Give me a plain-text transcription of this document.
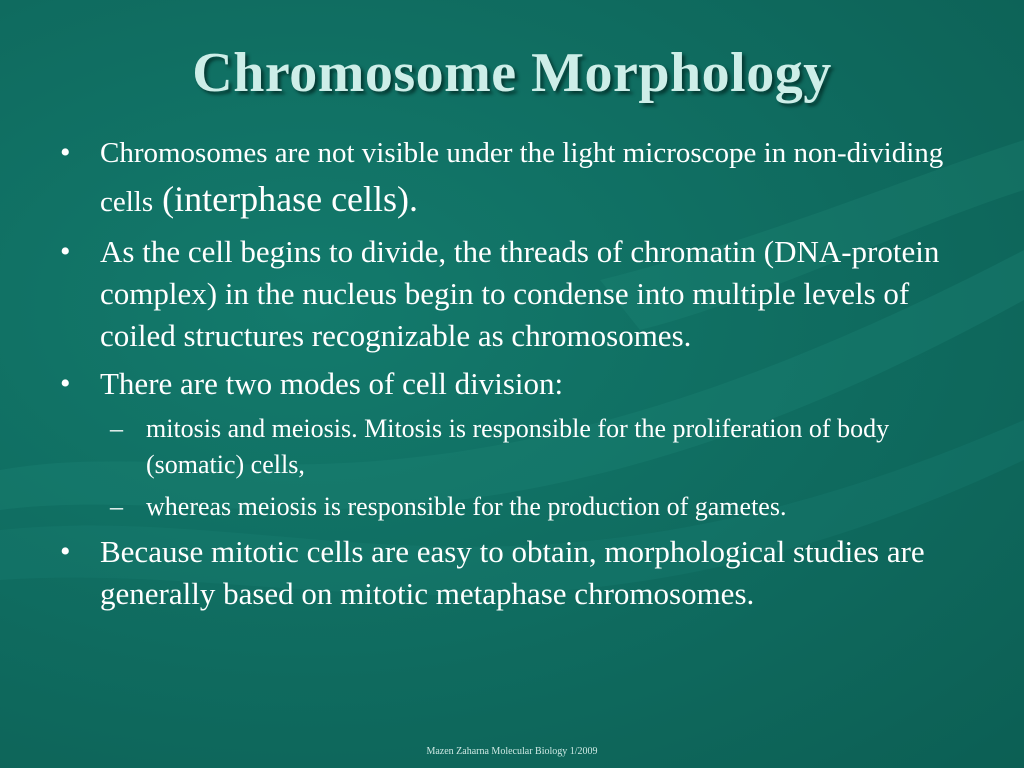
Chromosome Morphology
• Chromosomes are not visible under the light microscope in non-dividing cells (interphase cells).
• As the cell begins to divide, the threads of chromatin (DNA-protein complex) in the nucleus begin to condense into multiple levels of coiled structures recognizable as chromosomes.
• There are two modes of cell division:
– mitosis and meiosis. Mitosis is responsible for the proliferation of body (somatic) cells,
– whereas meiosis is responsible for the production of gametes.
• Because mitotic cells are easy to obtain, morphological studies are generally based on mitotic metaphase chromosomes.
Mazen Zaharna Molecular Biology 1/2009
